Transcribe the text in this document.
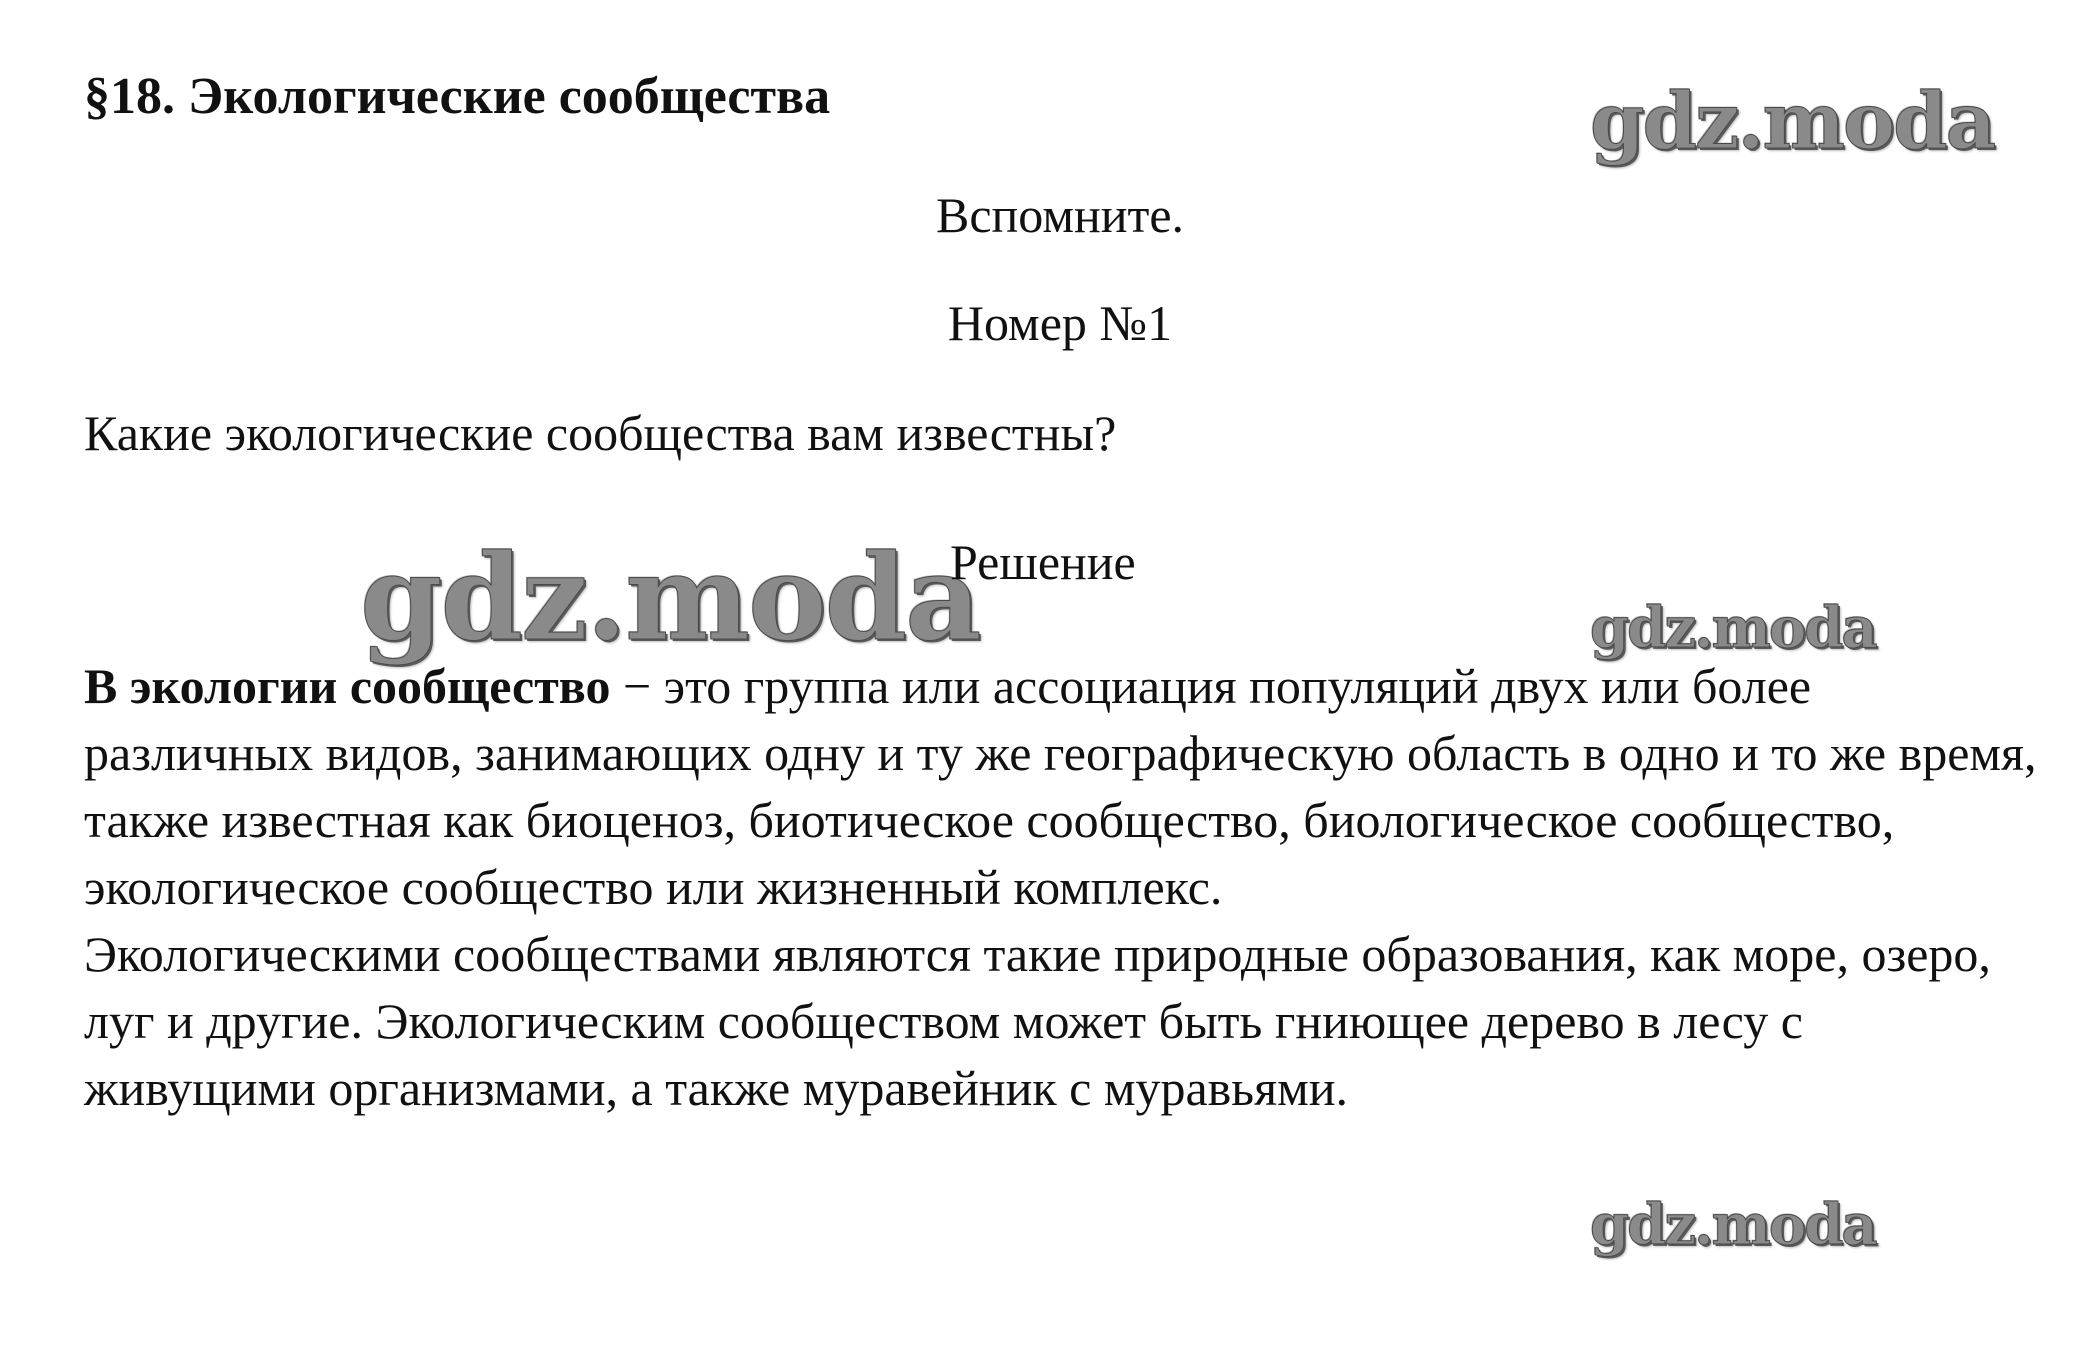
§18. Экологические сообщества	gdz.moda
Вспомните.
Номер №1
Какие экологические сообщества вам известны?
gdz.moda
Решение
gdz.moda

В экологии сообщество − это группа или ассоциация популяций двух или более различных видов, занимающих одну и ту же географическую область в одно и то же время, также известная как биоценоз, биотическое сообщество, биологическое сообщество, экологическое сообщество или жизненный комплекс.

Экологическими сообществами являются такие природные образования, как море, озеро, луг и другие. Экологическим сообществом может быть гниющее дерево в лесу с живущими организмами, а также муравейник с муравьями.

gdz.moda
